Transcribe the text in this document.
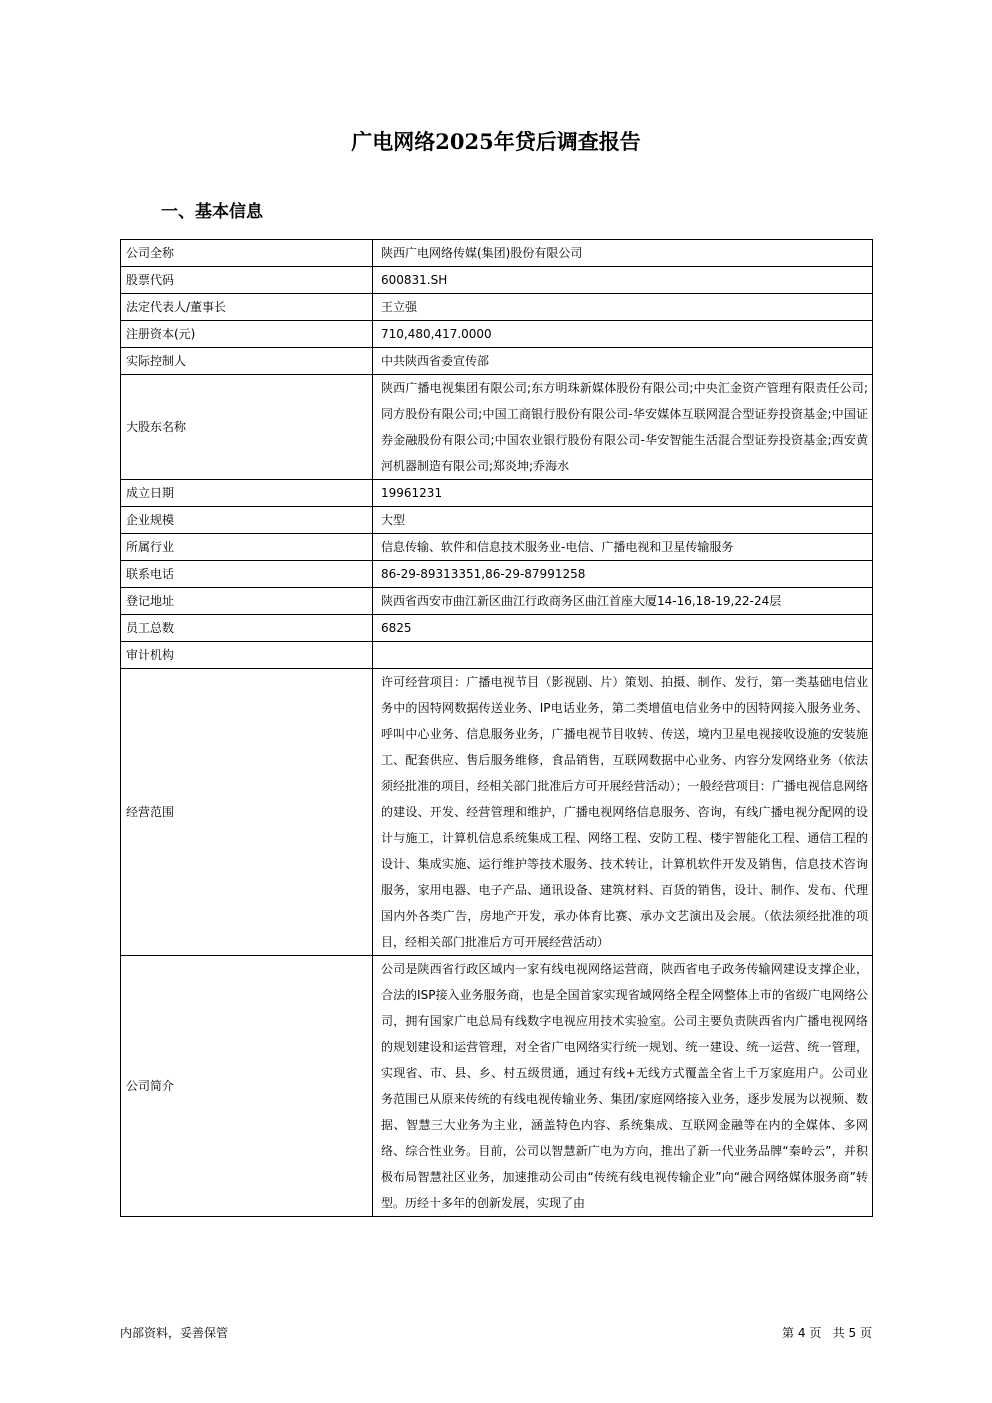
广电网络2025年贷后调查报告
一、基本信息
公司全称	陕西广电网络传媒(集团)股份有限公司
股票代码	600831.SH
法定代表人/董事长	王立强
注册资本(元)	710,480,417.0000
实际控制人	中共陕西省委宣传部
大股东名称	陕西广播电视集团有限公司;东方明珠新媒体股份有限公司;中央汇金资产管理有限责任公司;同方股份有限公司;中国工商银行股份有限公司-华安媒体互联网混合型证券投资基金;中国证券金融股份有限公司;中国农业银行股份有限公司-华安智能生活混合型证券投资基金;西安黄河机器制造有限公司;郑炎坤;乔海水
成立日期	19961231
企业规模	大型
所属行业	信息传输、软件和信息技术服务业-电信、广播电视和卫星传输服务
联系电话	86-29-89313351,86-29-87991258
登记地址	陕西省西安市曲江新区曲江行政商务区曲江首座大厦14-16,18-19,22-24层
员工总数	6825
审计机构	
经营范围	许可经营项目：广播电视节目（影视剧、片）策划、拍摄、制作、发行，第一类基础电信业务中的因特网数据传送业务、IP电话业务，第二类增值电信业务中的因特网接入服务业务、呼叫中心业务、信息服务业务，广播电视节目收转、传送，境内卫星电视接收设施的安装施工、配套供应、售后服务维修，食品销售，互联网数据中心业务、内容分发网络业务（依法须经批准的项目，经相关部门批准后方可开展经营活动）；一般经营项目：广播电视信息网络的建设、开发、经营管理和维护，广播电视网络信息服务、咨询，有线广播电视分配网的设计与施工，计算机信息系统集成工程、网络工程、安防工程、楼宇智能化工程、通信工程的设计、集成实施、运行维护等技术服务、技术转让，计算机软件开发及销售，信息技术咨询服务，家用电器、电子产品、通讯设备、建筑材料、百货的销售，设计、制作、发布、代理国内外各类广告，房地产开发，承办体育比赛、承办文艺演出及会展。（依法须经批准的项目，经相关部门批准后方可开展经营活动）
公司简介	公司是陕西省行政区域内一家有线电视网络运营商，陕西省电子政务传输网建设支撑企业，合法的ISP接入业务服务商，也是全国首家实现省域网络全程全网整体上市的省级广电网络公司，拥有国家广电总局有线数字电视应用技术实验室。公司主要负责陕西省内广播电视网络的规划建设和运营管理，对全省广电网络实行统一规划、统一建设、统一运营、统一管理，实现省、市、县、乡、村五级贯通，通过有线+无线方式覆盖全省上千万家庭用户。公司业务范围已从原来传统的有线电视传输业务、集团/家庭网络接入业务，逐步发展为以视频、数据、智慧三大业务为主业，涵盖特色内容、系统集成、互联网金融等在内的全媒体、多网络、综合性业务。目前，公司以智慧新广电为方向，推出了新一代业务品牌“秦岭云”，并积极布局智慧社区业务，加速推动公司由“传统有线电视传输企业”向“融合网络媒体服务商”转型。历经十多年的创新发展，实现了由
内部资料，妥善保管	第 4 页   共 5 页
